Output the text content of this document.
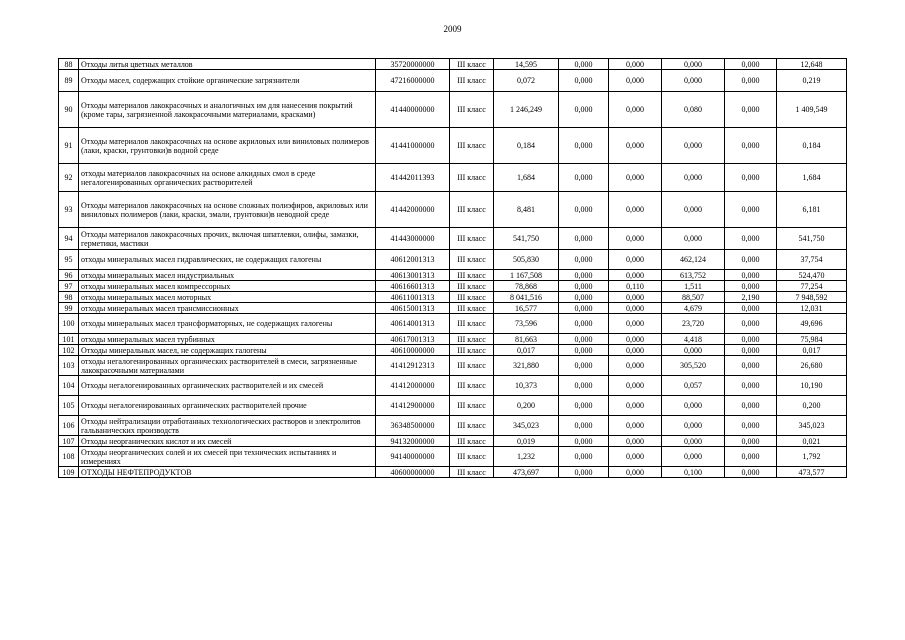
2009
88	Отходы литья цветных металлов	35720000000	III класс	14,595	0,000	0,000	0,000	0,000	12,648
89	Отходы масел, содержащих стойкие органические загрязнители	47216000000	III класс	0,072	0,000	0,000	0,000	0,000	0,219
90	Отходы материалов лакокрасочных и аналогичных им для нанесения покрытий (кроме тары, загрязненной лакокрасочными материалами, красками)	41440000000	III класс	1 246,249	0,000	0,000	0,080	0,000	1 409,549
91	Отходы материалов лакокрасочных на основе акриловых или виниловых полимеров (лаки, краски, грунтовки)в водной среде	41441000000	III класс	0,184	0,000	0,000	0,000	0,000	0,184
92	отходы материалов лакокрасочных на основе алкидных смол в среде негалогенированных органических растворителей	41442011393	III класс	1,684	0,000	0,000	0,000	0,000	1,684
93	Отходы материалов лакокрасочных на основе сложных полиэфиров, акриловых или виниловых полимеров (лаки, краски, эмали, грунтовки)в неводной среде	41442000000	III класс	8,481	0,000	0,000	0,000	0,000	6,181
94	Отходы материалов лакокрасочных прочих, включая шпатлевки, олифы, замазки, герметики, мастики	41443000000	III класс	541,750	0,000	0,000	0,000	0,000	541,750
95	отходы минеральных масел гидравлических, не содержащих галогены	40612001313	III класс	505,830	0,000	0,000	462,124	0,000	37,754
96	отходы минеральных масел индустриальных	40613001313	III класс	1 167,508	0,000	0,000	613,752	0,000	524,470
97	отходы минеральных масел компрессорных	40616601313	III класс	78,868	0,000	0,110	1,511	0,000	77,254
98	отходы минеральных масел моторных	40611001313	III класс	8 041,516	0,000	0,000	88,507	2,190	7 948,592
99	отходы минеральных масел трансмиссионных	40615001313	III класс	16,577	0,000	0,000	4,679	0,000	12,031
100	отходы минеральных масел трансформаторных, не содержащих галогены	40614001313	III класс	73,596	0,000	0,000	23,720	0,000	49,696
101	отходы минеральных масел турбинных	40617001313	III класс	81,663	0,000	0,000	4,418	0,000	75,984
102	Отходы минеральных масел, не содержащих галогены	40610000000	III класс	0,017	0,000	0,000	0,000	0,000	0,017
103	отходы негалогенированных органических растворителей в смеси, загрязненные лакокрасочными материалами	41412912313	III класс	321,880	0,000	0,000	305,520	0,000	26,680
104	Отходы негалогенированных органических растворителей и их смесей	41412000000	III класс	10,373	0,000	0,000	0,057	0,000	10,190
105	Отходы негалогенированных органических растворителей прочие	41412900000	III класс	0,200	0,000	0,000	0,000	0,000	0,200
106	Отходы нейтрализации отработанных технологических растворов и электролитов гальванических производств	36348500000	III класс	345,023	0,000	0,000	0,000	0,000	345,023
107	Отходы неорганических кислот и их смесей	94132000000	III класс	0,019	0,000	0,000	0,000	0,000	0,021
108	Отходы неорганических солей и их смесей при технических испытаниях и измерениях	94140000000	III класс	1,232	0,000	0,000	0,000	0,000	1,792
109	ОТХОДЫ НЕФТЕПРОДУКТОВ	40600000000	III класс	473,697	0,000	0,000	0,100	0,000	473,577
